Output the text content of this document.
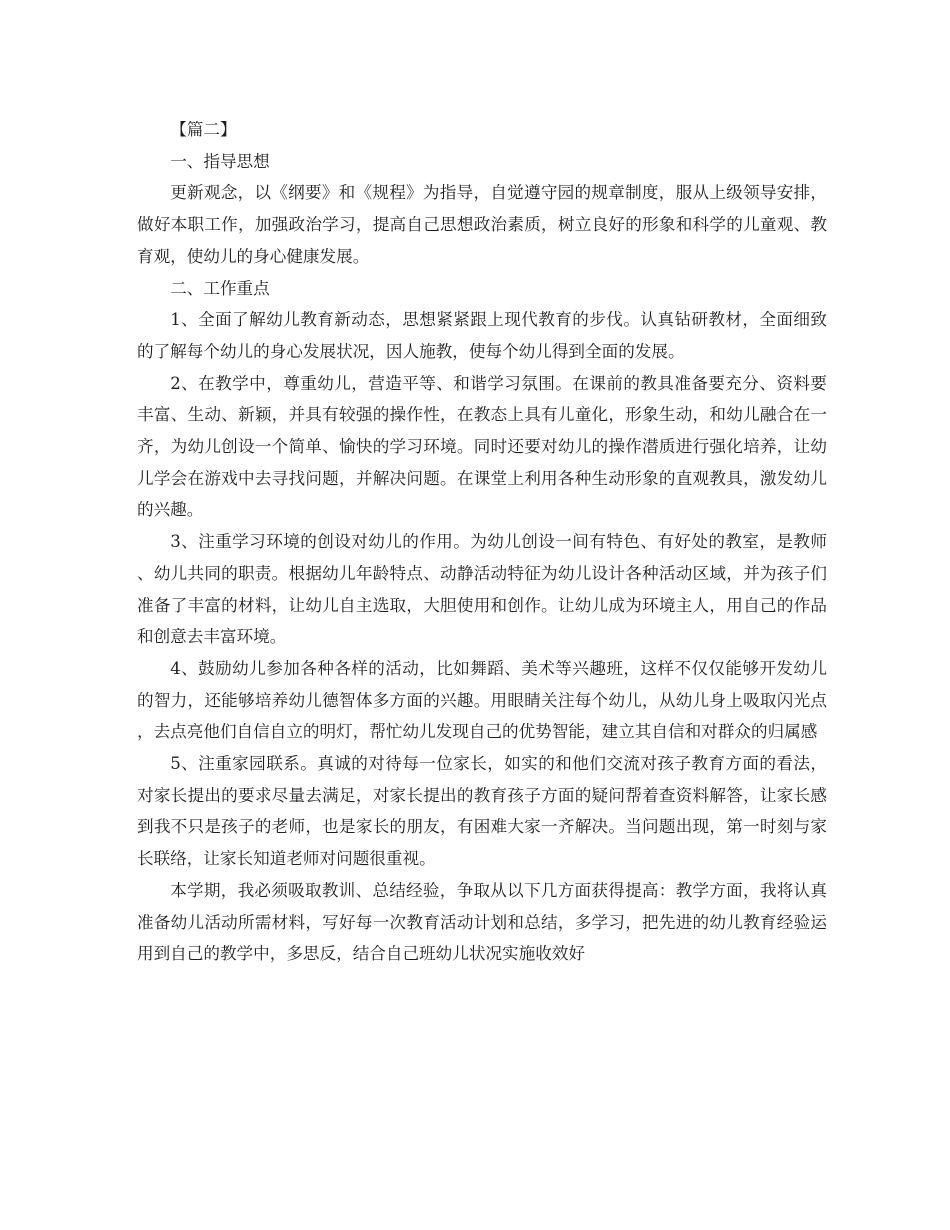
【篇二】

一、指导思想

更新观念，以《纲要》和《规程》为指导，自觉遵守园的规章制度，服从上级领导安排，做好本职工作，加强政治学习，提高自己思想政治素质，树立良好的形象和科学的儿童观、教育观，使幼儿的身心健康发展。

二、工作重点

1、全面了解幼儿教育新动态，思想紧紧跟上现代教育的步伐。认真钻研教材，全面细致的了解每个幼儿的身心发展状况，因人施教，使每个幼儿得到全面的发展。

2、在教学中，尊重幼儿，营造平等、和谐学习氛围。在课前的教具准备要充分、资料要丰富、生动、新颖，并具有较强的操作性，在教态上具有儿童化，形象生动，和幼儿融合在一齐，为幼儿创设一个简单、愉快的学习环境。同时还要对幼儿的操作潜质进行强化培养，让幼儿学会在游戏中去寻找问题，并解决问题。在课堂上利用各种生动形象的直观教具，激发幼儿的兴趣。

3、注重学习环境的创设对幼儿的作用。为幼儿创设一间有特色、有好处的教室，是教师、幼儿共同的职责。根据幼儿年龄特点、动静活动特征为幼儿设计各种活动区域，并为孩子们准备了丰富的材料，让幼儿自主选取，大胆使用和创作。让幼儿成为环境主人，用自己的作品和创意去丰富环境。

4、鼓励幼儿参加各种各样的活动，比如舞蹈、美术等兴趣班，这样不仅仅能够开发幼儿的智力，还能够培养幼儿德智体多方面的兴趣。用眼睛关注每个幼儿，从幼儿身上吸取闪光点，去点亮他们自信自立的明灯，帮忙幼儿发现自己的优势智能，建立其自信和对群众的归属感

5、注重家园联系。真诚的对待每一位家长，如实的和他们交流对孩子教育方面的看法，对家长提出的要求尽量去满足，对家长提出的教育孩子方面的疑问帮着查资料解答，让家长感到我不只是孩子的老师，也是家长的朋友，有困难大家一齐解决。当问题出现，第一时刻与家长联络，让家长知道老师对问题很重视。

本学期，我必须吸取教训、总结经验，争取从以下几方面获得提高：教学方面，我将认真准备幼儿活动所需材料，写好每一次教育活动计划和总结，多学习，把先进的幼儿教育经验运用到自己的教学中，多思反，结合自己班幼儿状况实施收效好
